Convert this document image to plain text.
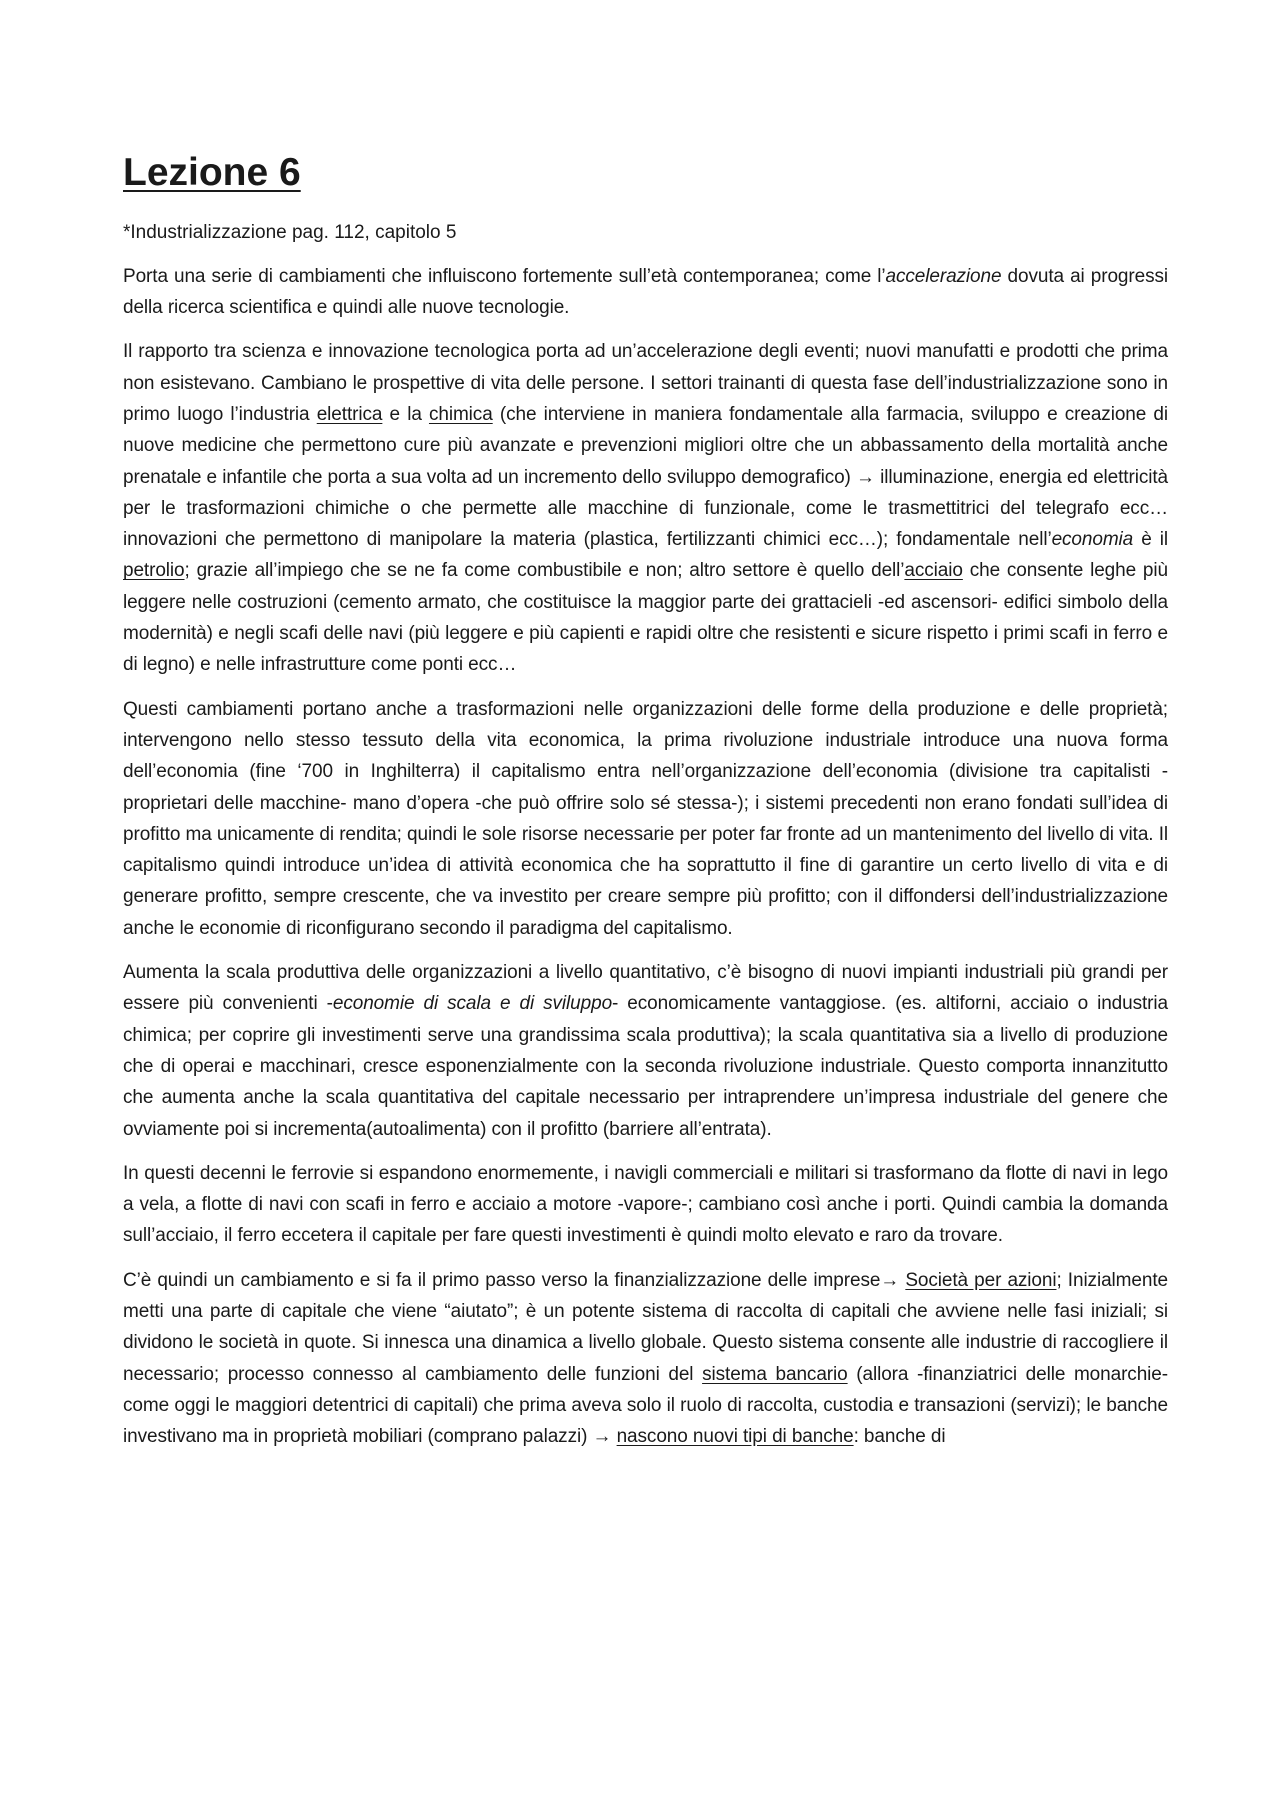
Lezione 6

*Industrializzazione pag. 112, capitolo 5

Porta una serie di cambiamenti che influiscono fortemente sull’età contemporanea; come l’accelerazione dovuta ai progressi della ricerca scientifica e quindi alle nuove tecnologie.

Il rapporto tra scienza e innovazione tecnologica porta ad un’accelerazione degli eventi; nuovi manufatti e prodotti che prima non esistevano. Cambiano le prospettive di vita delle persone. I settori trainanti di questa fase dell’industrializzazione sono in primo luogo l’industria elettrica e la chimica (che interviene in maniera fondamentale alla farmacia, sviluppo e creazione di nuove medicine che permettono cure più avanzate e prevenzioni migliori oltre che un abbassamento della mortalità anche prenatale e infantile che porta a sua volta ad un incremento dello sviluppo demografico) → illuminazione, energia ed elettricità per le trasformazioni chimiche o che permette alle macchine di funzionale, come le trasmettitrici del telegrafo ecc… innovazioni che permettono di manipolare la materia (plastica, fertilizzanti chimici ecc…); fondamentale nell’economia è il petrolio; grazie all’impiego che se ne fa come combustibile e non; altro settore è quello dell’acciaio che consente leghe più leggere nelle costruzioni (cemento armato, che costituisce la maggior parte dei grattacieli -ed ascensori- edifici simbolo della modernità) e negli scafi delle navi (più leggere e più capienti e rapidi oltre che resistenti e sicure rispetto i primi scafi in ferro e di legno) e nelle infrastrutture come ponti ecc…

Questi cambiamenti portano anche a trasformazioni nelle organizzazioni delle forme della produzione e delle proprietà; intervengono nello stesso tessuto della vita economica, la prima rivoluzione industriale introduce una nuova forma dell’economia (fine ‘700 in Inghilterra) il capitalismo entra nell’organizzazione dell’economia (divisione tra capitalisti -proprietari delle macchine- mano d’opera -che può offrire solo sé stessa-); i sistemi precedenti non erano fondati sull’idea di profitto ma unicamente di rendita; quindi le sole risorse necessarie per poter far fronte ad un mantenimento del livello di vita. Il capitalismo quindi introduce un’idea di attività economica che ha soprattutto il fine di garantire un certo livello di vita e di generare profitto, sempre crescente, che va investito per creare sempre più profitto; con il diffondersi dell’industrializzazione anche le economie di riconfigurano secondo il paradigma del capitalismo.

Aumenta la scala produttiva delle organizzazioni a livello quantitativo, c’è bisogno di nuovi impianti industriali più grandi per essere più convenienti -economie di scala e di sviluppo- economicamente vantaggiose. (es. altiforni, acciaio o industria chimica; per coprire gli investimenti serve una grandissima scala produttiva); la scala quantitativa sia a livello di produzione che di operai e macchinari, cresce esponenzialmente con la seconda rivoluzione industriale. Questo comporta innanzitutto che aumenta anche la scala quantitativa del capitale necessario per intraprendere un’impresa industriale del genere che ovviamente poi si incrementa(autoalimenta) con il profitto (barriere all’entrata).

In questi decenni le ferrovie si espandono enormemente, i navigli commerciali e militari si trasformano da flotte di navi in lego a vela, a flotte di navi con scafi in ferro e acciaio a motore -vapore-; cambiano così anche i porti. Quindi cambia la domanda sull’acciaio, il ferro eccetera il capitale per fare questi investimenti è quindi molto elevato e raro da trovare.

C’è quindi un cambiamento e si fa il primo passo verso la finanzializzazione delle imprese→ Società per azioni; Inizialmente metti una parte di capitale che viene “aiutato”; è un potente sistema di raccolta di capitali che avviene nelle fasi iniziali; si dividono le società in quote. Si innesca una dinamica a livello globale. Questo sistema consente alle industrie di raccogliere il necessario; processo connesso al cambiamento delle funzioni del sistema bancario (allora -finanziatrici delle monarchie- come oggi le maggiori detentrici di capitali) che prima aveva solo il ruolo di raccolta, custodia e transazioni (servizi); le banche investivano ma in proprietà mobiliari (comprano palazzi) → nascono nuovi tipi di banche: banche di
